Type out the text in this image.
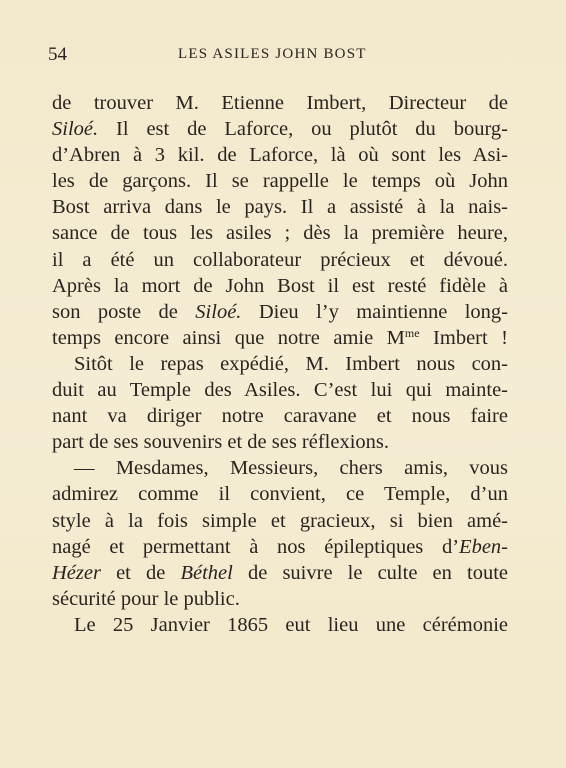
54	LES ASILES JOHN BOST
de trouver M. Etienne Imbert, Directeur de
Siloé. Il est de Laforce, ou plutôt du bourg-
d’Abren à 3 kil. de Laforce, là où sont les Asi-
les de garçons. Il se rappelle le temps où John
Bost arriva dans le pays. Il a assisté à la nais-
sance de tous les asiles ; dès la première heure,
il a été un collaborateur précieux et dévoué.
Après la mort de John Bost il est resté fidèle à
son poste de Siloé. Dieu l’y maintienne long-
temps encore ainsi que notre amie $M^{me}$ Imbert !
Sitôt le repas expédié, M. Imbert nous con-
duit au Temple des Asiles. C’est lui qui mainte-
nant va diriger notre caravane et nous faire
part de ses souvenirs et de ses réflexions.
— Mesdames, Messieurs, chers amis, vous
admirez comme il convient, ce Temple, d’un
style à la fois simple et gracieux, si bien amé-
nagé et permettant à nos épileptiques d’Eben-
Hézer et de Béthel de suivre le culte en toute
sécurité pour le public.
Le 25 Janvier 1865 eut lieu une cérémonie
